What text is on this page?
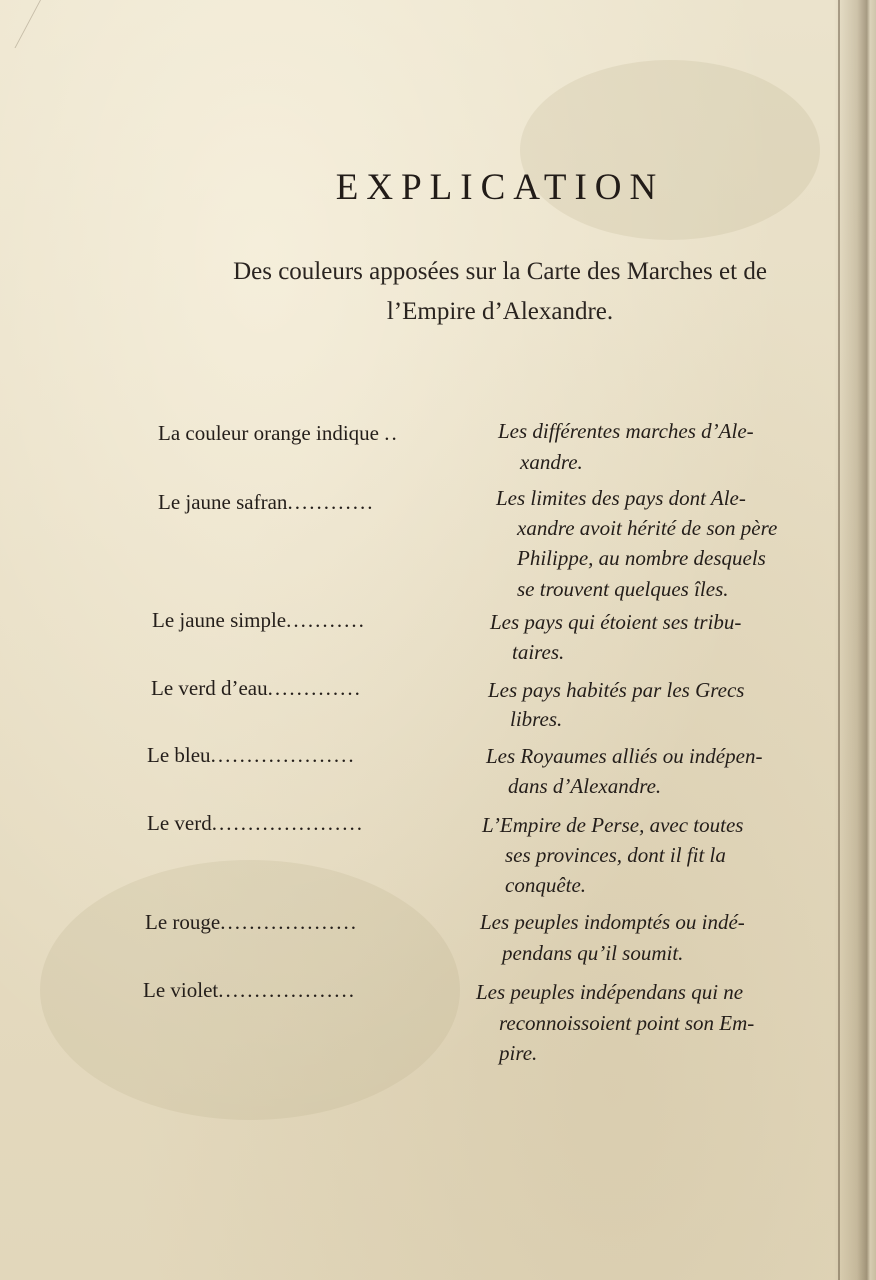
EXPLICATION
Des couleurs apposées sur la Carte des Marches et de
l’Empire d’Alexandre.
La couleur orange indique ..	Les différentes marches d’Ale-
xandre.
Le jaune safran............	Les limites des pays dont Ale-
xandre avoit hérité de son père
Philippe, au nombre desquels
se trouvent quelques îles.
Le jaune simple...........	Les pays qui étoient ses tribu-
taires.
Le verd d’eau.............	Les pays habités par les Grecs
libres.
Le bleu....................	Les Royaumes alliés ou indépen-
dans d’Alexandre.
Le verd.....................	L’Empire de Perse, avec toutes
ses provinces, dont il fit la
conquête.
Le rouge...................	Les peuples indomptés ou indé-
pendans qu’il soumit.
Le violet...................	Les peuples indépendans qui ne
reconnoissoient point son Em-
pire.
